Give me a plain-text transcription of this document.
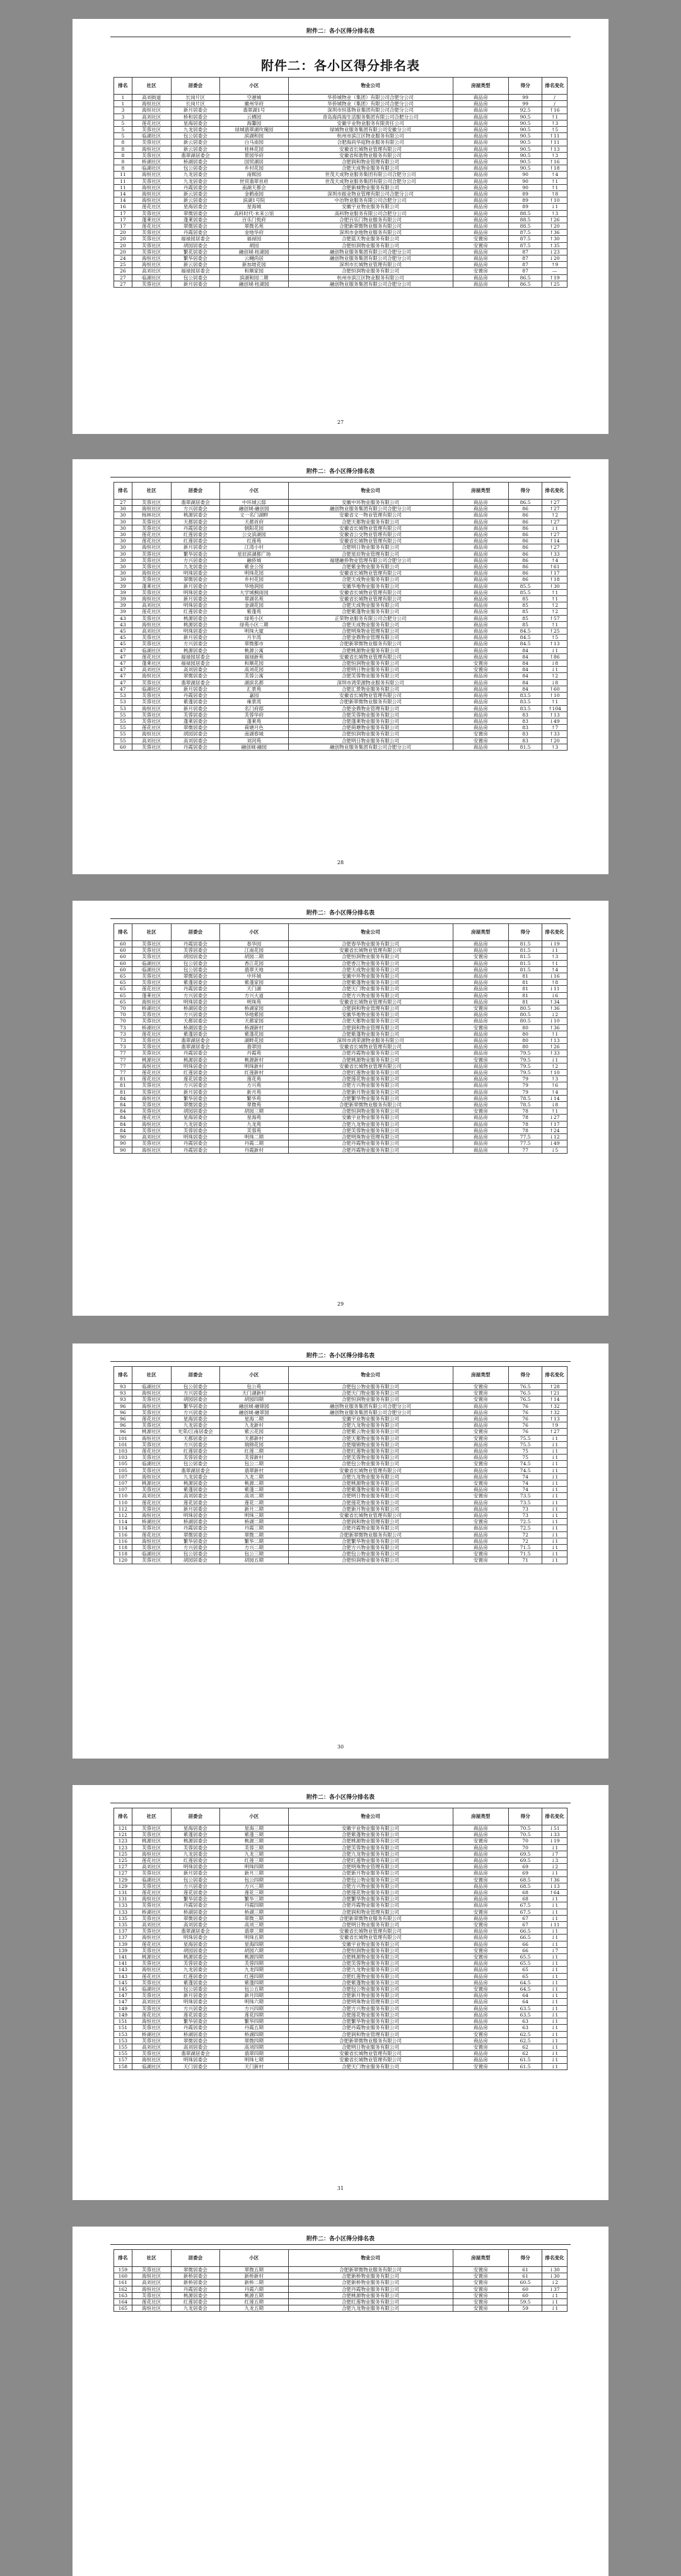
附件二：各小区得分排名表
附件二：各小区得分排名表
排名	社区	居委会	小区	物业公司	房屋类型	得分	排名变化
1	高刘街道	长岗片区	空港城	华侨城物业（集团）有限公司合肥分公司	商品房	99	/
1	海恒社区	长岗片区	徽州华府	华侨城物业（集团）有限公司合肥分公司	商品房	99	/
3	海恒社区	新月居委会	翡翠湖1号	深圳市恒基物业集团有限公司合肥分公司	商品房	92.5	↑16
3	高刘社区	桥和居委会	云栖园	青岛海尚海生活服务集团有限公司合肥分公司	商品房	90.5	↑1
5	莲花社区	星海居委会	海馨园	安徽宇业物业服务有限责任公司	商品房	90.5	↑3
5	芙蓉社区	九龙居委会	绿城翡翠湖玫瑰园	绿城物业服务集团有限公司安徽分公司	商品房	90.5	↑5
5	临湖社区	包公居委会	滨湖和园	杭州市滨江区物业服务有限公司	商品房	90.5	↑11
8	芙蓉社区	新云居委会	白马南园	合肥海尚华庭物业服务有限公司	商品房	90.5	↑11
8	海恒社区	新云居委会	桂林花园	安徽省长城物业管理有限公司	商品房	90.5	↑13
8	芙蓉社区	翡翠湖居委会	景园华府	安徽省和谐物业服务有限公司	商品房	90.5	↑3
8	桥湖社区	桥湖居委会	国贸湖居	合肥润和物业管理有限公司	商品房	90.5	↑16
8	临湖社区	包公居委会	乡村花园	合肥天成物业服务有限公司	商品房	90.5	↑18
11	海恒社区	九龙居委会	南熙园	世茂天成物业服务集团有限公司合肥分公司	商品房	90	↑4
11	芙蓉社区	九龙居委会	世贸翡翠首府	世茂天成物业服务集团有限公司合肥分公司	商品房	90	↑1
11	海恒社区	丹霞居委会	南湖天都会	合肥新城物业服务有限公司	商品房	90	↑1
14	海恒社区	新云居委会	金鹤南园	深圳市振业物业管理有限公司合肥分公司	商品房	89	↑8
14	海恒社区	新云居委会	滨湖1号院	中冶物业服务有限公司合肥分公司	商品房	89	↑10
16	莲花社区	星海居委会	星海城	安徽宇业物业服务有限公司	商品房	89	↓1
17	芙蓉社区	翠微居委会	高科时代·未来公馆	高科物业服务有限公司合肥分公司	商品房	88.5	↑3
17	蓬莱社区	蓬莱居委会	百乐门悦府	合肥百乐门物业服务有限公司	商品房	88.5	↑26
17	莲花社区	翠微居委会	翠微名苑	合肥新翠微物业服务有限公司	商品房	88.5	↑20
20	芙蓉社区	丹霞居委会	金地华府	深圳市金地物业服务有限公司	商品房	87.5	↑36
20	芙蓉社区	福禄园居委会	福禄园	合肥蓝天物业服务有限公司	安置房	87.5	↑30
20	芙蓉社区	胡园居委会	胡园	合肥恒润物业服务有限公司	安置房	87.5	↑35
20	芙蓉社区	繁花居委会	融创城·桂湖园	融创物业服务集团有限公司合肥分公司	商品房	87	↓23
24	海恒社区	繁华居委会	云樾尚居	融创物业服务集团有限公司合肥分公司	商品房	87	↓20
25	海恒社区	新云居委会	新加坡花园	深圳市长城物业管理有限公司	商品房	87	↑9
26	高刘社区	福禄园居委会	和顺家园	合肥恒润物业服务有限公司	安置房	87	—
27	临湖社区	包公居委会	滨湖和园二期	杭州市滨江区物业服务有限公司	商品房	86.5	↑19
27	芙蓉社区	新月居委会	融创城·桂湖园	融创物业服务集团有限公司合肥分公司	商品房	86.5	↑25
27
附件二：各小区得分排名表
排名	社区	居委会	小区	物业公司	房屋类型	得分	排名变化
27	芙蓉社区	翡翠湖居委会	中环城云邸	安徽中环物业服务有限公司	商品房	86.5	↑27
30	海恒社区	方兴居委会	融创城·融创园	融创物业服务集团有限公司合肥分公司	商品房	86	↑27
30	杨林社区	桃源居委会	文一名门湖畔	安徽省文一物业管理有限公司	商品房	86	↑2
30	芙蓉社区	天都居委会	天都首府	合肥天都物业服务有限公司	商品房	86	↑27
30	芙蓉社区	丹霞居委会	朝阳花园	安徽省长城物业管理有限公司	商品房	86	↓1
30	莲花社区	红莲居委会	公交滨湖园	安徽省公交物业管理有限公司	商品房	86	↑27
30	莲花社区	红莲居委会	红莲苑	安徽省长城物业管理有限公司	商品房	86	↑14
30	海恒社区	新月居委会	江湾小村	合肥明日物业服务有限公司	商品房	86	↑27
30	芙蓉社区	繁华居委会	星辰滨湖都广场	合肥星辰物业管理有限公司	商品房	86	↑33
30	芙蓉社区	方兴居委会	融侨城	福建融侨物业管理有限公司合肥分公司	商品房	86	↑4
30	芙蓉社区	九龙居委会	紫金公馆	合肥紫金物业服务有限公司	商品房	86	↑61
30	海恒社区	明珠居委会	明珠花园	安徽省长城物业管理有限公司	商品房	86	↑17
30	芙蓉社区	翠微居委会	乡村花园	合肥天成物业服务有限公司	商品房	86	↑18
39	蓬莱社区	新月居委会	华地润园	安徽华地物业服务有限公司	商品房	85.5	↑30
39	芙蓉社区	明珠居委会	大学城桐雨园	安徽省长城物业管理有限公司	商品房	85.5	↑1
39	海恒社区	新月居委会	翠湖名苑	安徽省长城物业管理有限公司	商品房	85	↑1
39	高刘社区	明珠居委会	金湖花园	合肥天成物业服务有限公司	商品房	85	↑2
39	莲花社区	红莲居委会	紫蓬苑	合肥紫蓬物业服务有限公司	商品房	85	↑2
43	芙蓉社区	桃源居委会	绿苑小区	正荣物业服务有限公司合肥分公司	商品房	85	↑57
43	海恒社区	桃源居委会	绿苑小区二期	合肥天成物业服务有限公司	商品房	85	↑1
45	高刘社区	明珠居委会	明珠大厦	合肥明珠物业管理有限公司	商品房	84.5	↑25
45	芙蓉社区	新月居委会	月半湾	合肥金鼎物业管理有限公司	商品房	84.5	↑5
45	芙蓉社区	方兴居委会	翠微都市	合肥新翠微物业服务有限公司	商品房	84.5	↑13
47	临湖社区	桃源居委会	桃源公寓	合肥桃源物业服务有限公司	商品房	84	↓1
47	莲花社区	福禄园居委会	福禄新苑	安徽省长城物业管理有限公司	商品房	84	↑86
47	蓬莱社区	福禄园居委会	和顺花园	合肥恒润物业服务有限公司	安置房	84	↓8
47	高刘社区	高刘居委会	高刘花园	合肥明日物业服务有限公司	安置房	84	↓1
47	海恒社区	翠微居委会	芙蓉公寓	合肥芙蓉物业服务有限公司	商品房	84	↑2
47	芙蓉社区	翡翠湖居委会	湖滨名都	深圳市鸿荣源物业服务有限公司	商品房	84	↓8
47	临湖社区	新月居委会	汇景苑	合肥汇景物业服务有限公司	商品房	84	↑60
53	芙蓉社区	丹霞居委会	嘉园	安徽省长城物业管理有限公司	商品房	83.5	↑10
53	芙蓉社区	紫蓬居委会	雍景湾	合肥新翠微物业服务有限公司	商品房	83.5	↑1
53	海恒社区	新月居委会	名门府邸	合肥金鼎物业管理有限公司	商品房	83.5	↑104
55	芙蓉社区	芙蓉居委会	芙蓉华府	合肥芙蓉物业服务有限公司	商品房	83	↑13
55	芙蓉社区	蓬莱居委会	蓬莱苑	合肥蓬莱物业服务有限公司	商品房	83	↓49
55	莲花社区	翠微居委会	荷塘月色	合肥荷塘物业服务有限公司	商品房	83	↑7
55	海恒社区	胡园居委会	南湖春城	合肥恒润物业服务有限公司	安置房	83	↑33
55	高刘社区	高刘居委会	刘河苑	合肥明日物业服务有限公司	安置房	83	↑20
60	芙蓉社区	丹霞居委会	融创城·融园	融创物业服务集团有限公司合肥分公司	商品房	81.5	↑3
28
附件二：各小区得分排名表
排名	社区	居委会	小区	物业公司	房屋类型	得分	排名变化
60	芙蓉社区	丹霞居委会	春华园	合肥春华物业服务有限公司	商品房	81.5	↓19
60	芙蓉社区	芙蓉居委会	江南花园	安徽省长城物业管理有限公司	商品房	81.5	↓1
60	芙蓉社区	胡园居委会	胡园二期	合肥恒润物业服务有限公司	安置房	81.5	↑3
60	临湖社区	包公居委会	香江花园	合肥香江物业服务有限公司	商品房	81.5	↑1
60	临湖社区	包公居委会	翡翠天地	合肥天成物业服务有限公司	商品房	81.5	↑4
65	芙蓉社区	翠微居委会	中环城	安徽中环物业服务有限公司	商品房	81	↓16
65	芙蓉社区	紫蓬居委会	紫蓬家园	合肥紫蓬物业服务有限公司	商品房	81	↑8
65	莲花社区	丹霞居委会	天门湖	合肥天门物业服务有限公司	商品房	81	↓11
65	蓬莱社区	方兴居委会	方兴大道	合肥方兴物业服务有限公司	商品房	81	↓6
65	海恒社区	明珠居委会	明珠苑	安徽省长城物业管理有限公司	商品房	81	↑34
70	桥湖社区	桥湖居委会	桥湖家园	合肥润和物业管理有限公司	安置房	80.5	↑36
70	芙蓉社区	方兴居委会	华地紫园	安徽华地物业服务有限公司	商品房	80.5	↓2
70	芙蓉社区	天都居委会	天都家园	合肥天都物业服务有限公司	商品房	80.5	↓10
73	桥湖社区	桥湖居委会	桥湖新村	合肥润和物业管理有限公司	安置房	80	↑36
73	莲花社区	紫蓬居委会	紫蓬花园	合肥紫蓬物业服务有限公司	商品房	80	↑1
73	芙蓉社区	翡翠湖居委会	湖畔花园	深圳市鸿荣源物业服务有限公司	商品房	80	↑13
73	芙蓉社区	翡翠湖居委会	翡翠园	安徽省长城物业管理有限公司	商品房	80	↑26
77	芙蓉社区	丹霞居委会	丹霞苑	合肥丹霞物业服务有限公司	商品房	79.5	↑33
77	桃源社区	桃源居委会	桃源新村	合肥桃源物业服务有限公司	安置房	79.5	↓1
77	海恒社区	明珠居委会	明珠新村	安徽省长城物业管理有限公司	商品房	79.5	↑2
77	莲花社区	红莲居委会	红莲新村	合肥红莲物业服务有限公司	商品房	79.5	↑10
81	莲花社区	莲花居委会	莲花苑	合肥莲花物业服务有限公司	商品房	79	↑3
81	芙蓉社区	方兴居委会	方兴苑	合肥方兴物业服务有限公司	商品房	79	↑6
81	芙蓉社区	新月居委会	新月苑	合肥新月物业服务有限公司	商品房	79	↑4
84	海恒社区	繁华居委会	繁华苑	合肥繁华物业服务有限公司	商品房	78.5	↓14
84	芙蓉社区	翠微居委会	翠微苑	合肥新翠微物业服务有限公司	商品房	78.5	↓8
84	芙蓉社区	胡园居委会	胡园三期	合肥恒润物业服务有限公司	安置房	78	↑1
84	莲花社区	星海居委会	星海苑	安徽宇业物业服务有限公司	商品房	78	↓27
84	海恒社区	九龙居委会	九龙苑	合肥九龙物业服务有限公司	商品房	78	↑17
84	芙蓉社区	芙蓉居委会	芙蓉苑	合肥芙蓉物业服务有限公司	商品房	78	↑24
90	高刘社区	明珠居委会	明珠二期	合肥明珠物业管理有限公司	商品房	77.5	↓12
90	芙蓉社区	丹霞居委会	丹霞二期	合肥丹霞物业服务有限公司	商品房	77.5	↓49
90	海恒社区	丹霞居委会	丹霞新村	合肥丹霞物业服务有限公司	商品房	77	↓5
29
附件二：各小区得分排名表
排名	社区	居委会	小区	物业公司	房屋类型	得分	排名变化
93	临湖社区	包公居委会	包公苑	合肥包公物业服务有限公司	安置房	76.5	↑28
93	海恒社区	方兴居委会	天门湖新村	合肥天门物业服务有限公司	安置房	76.5	↑21
93	芙蓉社区	胡园居委会	胡园四期	合肥恒润物业服务有限公司	安置房	76.5	↑14
96	海恒社区	繁华居委会	融创城·融锦园	融创物业服务集团有限公司合肥分公司	商品房	76	↑32
96	芙蓉社区	方兴居委会	融创城·融翠园	融创物业服务集团有限公司合肥分公司	商品房	76	↑32
96	莲花社区	星海居委会	星海二期	安徽宇业物业服务有限公司	商品房	76	↑13
96	芙蓉社区	九龙居委会	九龙新村	合肥九龙物业服务有限公司	商品房	76	↑9
96	桃源社区	光荣/江南居委会	紫云花园	合肥紫云物业服务有限公司	安置房	76	↑27
101	海恒社区	天都居委会	天都新村	合肥天都物业服务有限公司	安置房	75.5	↓1
101	芙蓉社区	方兴居委会	瑞锦花园	合肥瑞锦物业服务有限公司	商品房	75.5	↓1
103	莲花社区	红莲居委会	红莲二期	合肥红莲物业服务有限公司	商品房	75	↓1
103	芙蓉社区	芙蓉居委会	芙蓉新村	合肥芙蓉物业服务有限公司	商品房	75	↓1
105	临湖社区	包公居委会	包公二期	合肥包公物业服务有限公司	安置房	74.5	↓1
105	芙蓉社区	翡翠湖居委会	翡翠新村	安徽省长城物业管理有限公司	商品房	74.5	↓1
107	海恒社区	九龙居委会	九龙二期	合肥九龙物业服务有限公司	商品房	74	↓1
107	桃源社区	桃源居委会	桃源二期	合肥桃源物业服务有限公司	安置房	74	↓1
107	芙蓉社区	紫蓬居委会	紫蓬二期	合肥紫蓬物业服务有限公司	商品房	74	↓1
110	高刘社区	高刘居委会	高刘二期	合肥明日物业服务有限公司	安置房	73.5	↓1
110	莲花社区	莲花居委会	莲花二期	合肥莲花物业服务有限公司	商品房	73.5	↓1
112	芙蓉社区	新月居委会	新月二期	合肥新月物业服务有限公司	商品房	73	↓1
112	海恒社区	明珠居委会	明珠三期	安徽省长城物业管理有限公司	商品房	73	↓1
114	桥湖社区	桥湖居委会	桥湖二期	合肥润和物业管理有限公司	安置房	72.5	↓1
114	芙蓉社区	丹霞居委会	丹霞三期	合肥丹霞物业服务有限公司	商品房	72.5	↓1
116	莲花社区	翠微居委会	翠微二期	合肥新翠微物业服务有限公司	商品房	72	↓1
116	海恒社区	繁华居委会	繁华二期	合肥繁华物业服务有限公司	商品房	72	↓1
118	芙蓉社区	方兴居委会	方兴二期	合肥方兴物业服务有限公司	商品房	71.5	↓1
118	临湖社区	包公居委会	包公三期	合肥包公物业服务有限公司	安置房	71.5	↓1
120	芙蓉社区	胡园居委会	胡园五期	合肥恒润物业服务有限公司	安置房	71	↓1
30
附件二：各小区得分排名表
排名	社区	居委会	小区	物业公司	房屋类型	得分	排名变化
121	芙蓉社区	星海居委会	星海三期	安徽宇业物业服务有限公司	商品房	70.5	↓51
121	芙蓉社区	紫蓬居委会	紫蓬三期	合肥紫蓬物业服务有限公司	商品房	70.5	↓33
123	桃源社区	桃源居委会	桃源三期	合肥桃源物业服务有限公司	安置房	70	↓19
123	芙蓉社区	芙蓉居委会	芙蓉三期	合肥芙蓉物业服务有限公司	商品房	70	↓1
125	海恒社区	九龙居委会	九龙三期	合肥九龙物业服务有限公司	商品房	69.5	↓7
125	莲花社区	红莲居委会	红莲三期	合肥红莲物业服务有限公司	商品房	69.5	↓3
127	高刘社区	明珠居委会	明珠四期	合肥明珠物业管理有限公司	商品房	69	↓2
127	芙蓉社区	新月居委会	新月三期	合肥新月物业服务有限公司	商品房	69	↓1
129	临湖社区	包公居委会	包公四期	合肥包公物业服务有限公司	安置房	68.5	↑36
129	芙蓉社区	方兴居委会	方兴三期	合肥方兴物业服务有限公司	商品房	68.5	↓13
131	莲花社区	莲花居委会	莲花三期	合肥莲花物业服务有限公司	商品房	68	↑64
131	海恒社区	繁华居委会	繁华三期	合肥繁华物业服务有限公司	商品房	68	↓1
133	芙蓉社区	丹霞居委会	丹霞四期	合肥丹霞物业服务有限公司	商品房	67.5	↓1
133	桥湖社区	桥湖居委会	桥湖三期	合肥润和物业管理有限公司	安置房	67.5	↓1
135	芙蓉社区	翠微居委会	翠微三期	合肥新翠微物业服务有限公司	商品房	67	↓1
135	高刘社区	高刘居委会	高刘三期	合肥明日物业服务有限公司	安置房	67	↓11
137	芙蓉社区	翡翠湖居委会	翡翠三期	安徽省长城物业管理有限公司	商品房	66.5	↓1
137	海恒社区	明珠居委会	明珠五期	安徽省长城物业管理有限公司	商品房	66.5	↓1
139	莲花社区	星海居委会	星海四期	安徽宇业物业服务有限公司	商品房	66	↓1
139	芙蓉社区	胡园居委会	胡园六期	合肥恒润物业服务有限公司	安置房	66	↓7
141	桃源社区	桃源居委会	桃源四期	合肥桃源物业服务有限公司	安置房	65.5	↓1
141	芙蓉社区	芙蓉居委会	芙蓉四期	合肥芙蓉物业服务有限公司	商品房	65.5	↓1
143	海恒社区	九龙居委会	九龙四期	合肥九龙物业服务有限公司	商品房	65	↓1
143	莲花社区	红莲居委会	红莲四期	合肥红莲物业服务有限公司	商品房	65	↓1
145	芙蓉社区	紫蓬居委会	紫蓬四期	合肥紫蓬物业服务有限公司	商品房	64.5	↓1
145	临湖社区	包公居委会	包公五期	合肥包公物业服务有限公司	安置房	64.5	↓1
147	芙蓉社区	新月居委会	新月四期	合肥新月物业服务有限公司	商品房	64	↓1
147	高刘社区	明珠居委会	明珠六期	合肥明珠物业管理有限公司	商品房	64	↓1
149	芙蓉社区	方兴居委会	方兴四期	合肥方兴物业服务有限公司	商品房	63.5	↓1
149	莲花社区	莲花居委会	莲花四期	合肥莲花物业服务有限公司	商品房	63.5	↓1
151	海恒社区	繁华居委会	繁华四期	合肥繁华物业服务有限公司	商品房	63	↓1
151	芙蓉社区	丹霞居委会	丹霞五期	合肥丹霞物业服务有限公司	商品房	63	↓1
153	桥湖社区	桥湖居委会	桥湖四期	合肥润和物业管理有限公司	安置房	62.5	↓1
153	芙蓉社区	翠微居委会	翠微四期	合肥新翠微物业服务有限公司	商品房	62.5	↓1
155	高刘社区	高刘居委会	高刘四期	合肥明日物业服务有限公司	安置房	62	↓1
155	芙蓉社区	翡翠湖居委会	翡翠四期	安徽省长城物业管理有限公司	商品房	62	↓1
157	海恒社区	明珠居委会	明珠七期	安徽省长城物业管理有限公司	商品房	61.5	↓1
158	临湖社区	天门居委会	天门新村	合肥天门物业服务有限公司	安置房	61.5	↓1
31
附件二：各小区得分排名表
排名	社区	居委会	小区	物业公司	房屋类型	得分	排名变化
159	芙蓉社区	翠微居委会	翠微五期	合肥新翠微物业服务有限公司	安置房	61	↓30
160	海恒社区	新桥居委会	新桥新村	合肥新桥物业服务有限公司	安置房	61	↓30
161	高刘社区	新桥居委会	新桥二期	合肥新桥物业服务有限公司	安置房	60.5	↓2
162	海恒社区	丹霞居委会	丹霞六期	合肥丹霞物业服务有限公司	安置房	60	↓37
163	芙蓉社区	桃源居委会	桃源五期	合肥桃源物业服务有限公司	安置房	60	↓1
164	莲花社区	红莲居委会	红莲五期	合肥红莲物业服务有限公司	安置房	59.5	↓1
165	海恒社区	九龙居委会	九龙五期	合肥九龙物业服务有限公司	安置房	59	↓1
